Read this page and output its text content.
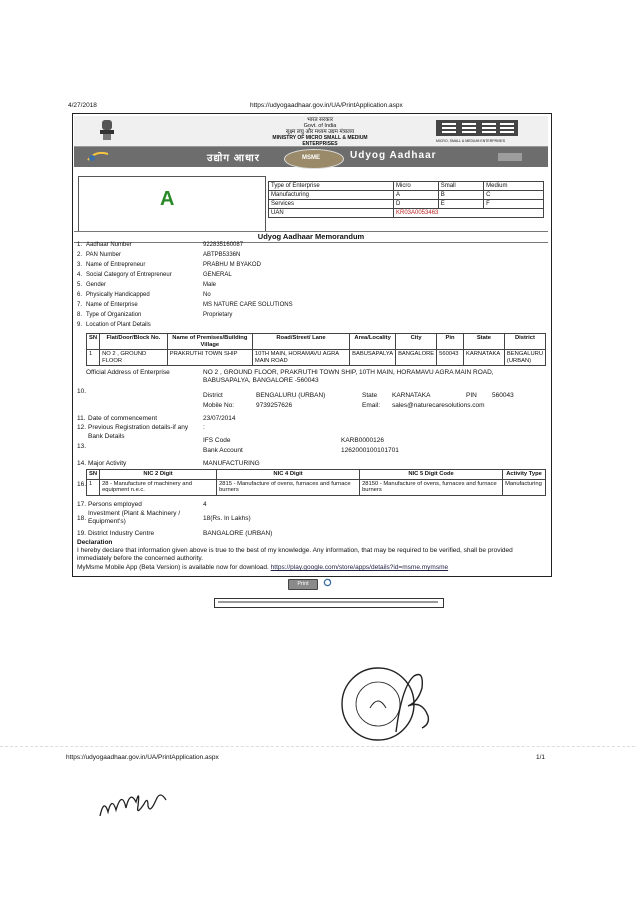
4/27/2018	https://udyogaadhaar.gov.in/UA/PrintApplication.aspx
भारत सरकार
Govt. of India
सूक्ष्म लघु और मध्यम उद्यम मंत्रालय
MINISTRY OF MICRO SMALL & MEDIUM ENTERPRISES	MICRO, SMALL & MEDIUM ENTERPRISES
उद्योग आधार	MSME	Udyog Aadhaar
A
Type of Enterprise	Micro	Small	Medium
Manufacturing	A	B	C
Services	D	E	F
UAN	KR03A0053463		
Udyog Aadhaar Memorandum
1. Aadhaar Number	922835160087
2. PAN Number	ABTPB5336N
3. Name of Entrepreneur	PRABHU M BYAKOD
4. Social Category of Entrepreneur	GENERAL
5. Gender	Male
6. Physically Handicapped	No
7. Name of Enterprise	MS NATURE CARE SOLUTIONS
8. Type of Organization	Proprietary
9. Location of Plant Details
SN	Flat/Door/Block No.	Name of Premises/Building Village	Road/Street/ Lane	Area/Locality	City	Pin	State	District
1	NO 2 , GROUND FLOOR	PRAKRUTHI TOWN SHIP	10TH MAIN, HORAMAVU AGRA MAIN ROAD	BABUSAPALYA	BANGALORE	560043	KARNATAKA	BENGALURU (URBAN)
Official Address of Enterprise
10.
NO 2 , GROUND FLOOR, PRAKRUTHI TOWN SHIP, 10TH MAIN, HORAMAVU AGRA MAIN ROAD, BABUSAPALYA, BANGALORE -560043
District	BENGALURU (URBAN)	State KARNATAKA	PIN 560043
Mobile No:	9739257626	Email: sales@naturecaresolutions.com
11. Date of commencement	23/07/2014
12. Previous Registration details-if any :
Bank Details
13.
IFS Code	KARB0000126
Bank Account	1262000100101701
14. Major Activity	MANUFACTURING
16.
SN	NIC 2 Digit	NIC 4 Digit	NIC 5 Digit Code	Activity Type
1	28 - Manufacture of machinery and equipment n.e.c.	2815 - Manufacture of ovens, furnaces and furnace burners	28150 - Manufacture of ovens, furnaces and furnace burners	Manufacturing
17. Persons employed	4
18.
Investment (Plant & Machinery / Equipment's)	18(Rs. In Lakhs)
19. District Industry Centre	BANGALORE (URBAN)
Declaration
I hereby declare that information given above is true to the best of my knowledge. Any information, that may be required to be verified, shall be provided immediately before the concerned authority.
MyMsme Mobile App (Beta Version) is available now for download. https://play.google.com/store/apps/details?id=msme.mymsme
Print
https://udyogaadhaar.gov.in/UA/PrintApplication.aspx	1/1
